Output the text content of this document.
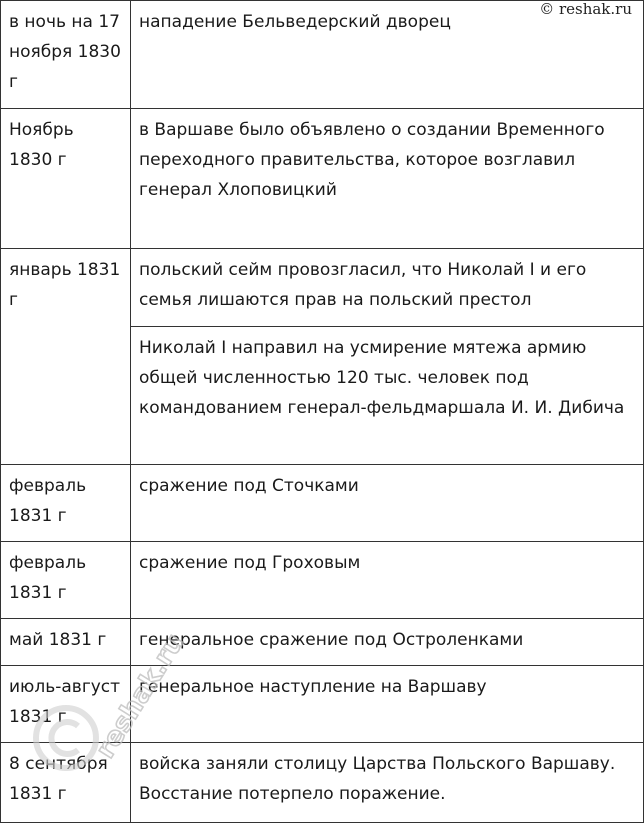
© reshak.ru
в ночь на 17 ноября 1830 г	нападение Бельведерский дворец
Ноябрь 1830 г	в Варшаве было объявлено о создании Временного переходного правительства, которое возглавил генерал Хлоповицкий
январь 1831 г	польский сейм провозгласил, что Николай I и его семья лишаются прав на польский престол
	Николай I направил на усмирение мятежа армию общей численностью 120 тыс. человек под командованием генерал-фельдмаршала И. И. Дибича
февраль 1831 г	сражение под Сточками
февраль 1831 г	сражение под Гроховым
май 1831 г	генеральное сражение под Остроленками
июль-август 1831 г	генеральное наступление на Варшаву
8 сентября 1831 г	войска заняли столицу Царства Польского Варшаву. Восстание потерпело поражение.
reshak.ru
